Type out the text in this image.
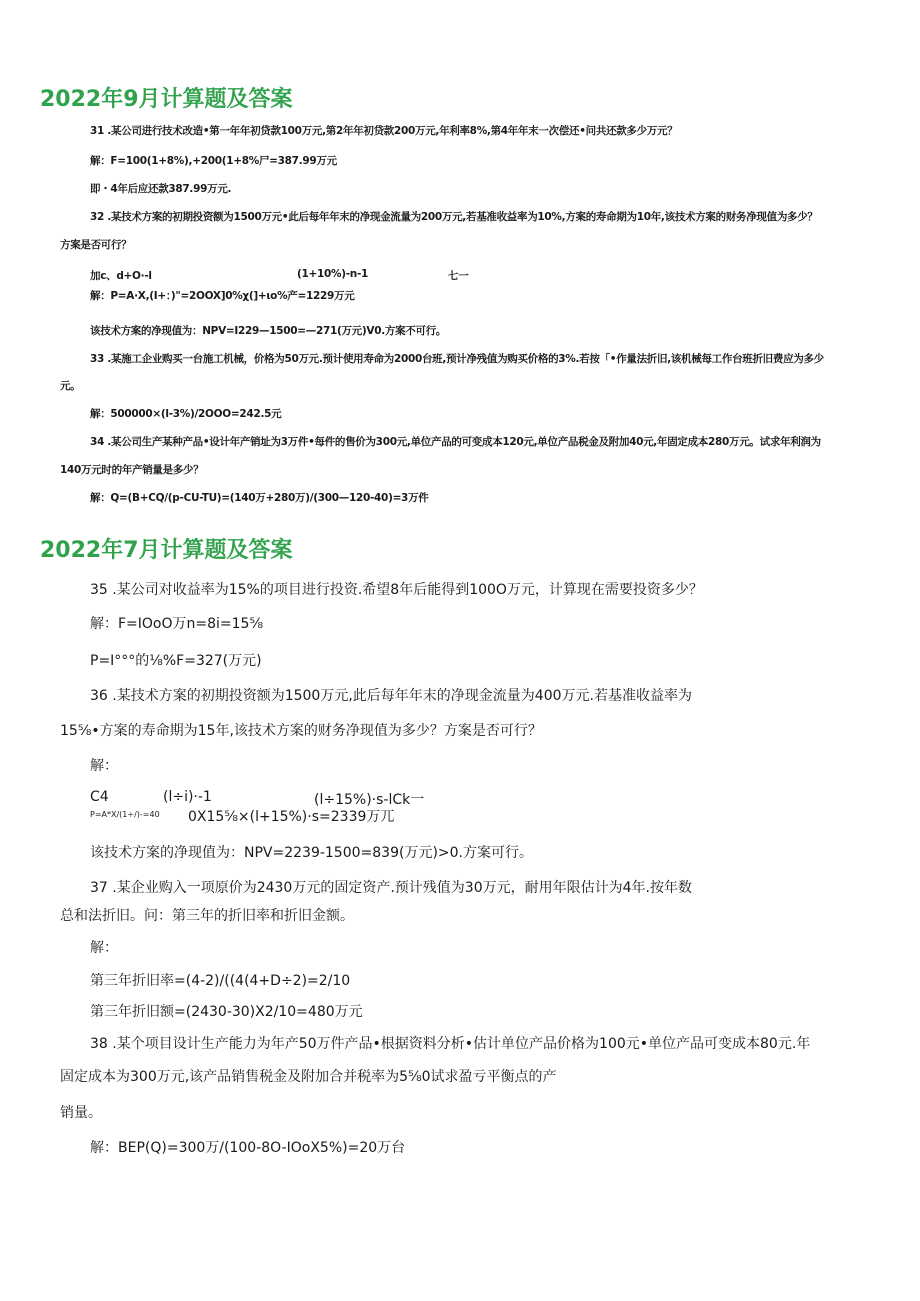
2022年9月计算题及答案
31 .某公司进行技术改造•第一年年初贷款100万元,第2年年初贷款200万元,年利率8%,第4年年末一次偿还•问共还款多少万元？
解：F=100(1+8%),+200(1+8%尸=387.99万元
即・4年后应还款387.99万元.
32 .某技术方案的初期投资额为1500万元•此后每年年末的净现金流量为200万元,若基准收益率为10%,方案的寿命期为10年,该技术方案的财务净现值为多少？
方案是否可行？
加c、d+O·-l	(1+10%)-n-1	七一
解：P=A·X,(I+：)"=2OOX]0%χ(]+ιo%产=1229万元
该技术方案的净现值为：NPV=I229—1500=—271(万元)V0.方案不可行。
33 .某施工企业购买一台施工机械，价格为50万元.预计使用寿命为2000台班,预计净残值为购买价格的3%.若按「•作量法折旧,该机械每工作台班折旧费应为多少
元。
解：500000×(l-3%)/2OOO=242.5元
34 .某公司生产某种产品•设计年产销址为3万件•每件的售价为300元,单位产品的可变成本120元,单位产品税金及附加40元,年固定成本280万元。试求年利润为
140万元时的年产销量是多少？
解：Q=(B+CQ/(p-CU-TU)=(140万+280万)/(300—120-40)=3万件
2022年7月计算题及答案
35 .某公司对收益率为15%的项目进行投资.希望8年后能得到100O万元，计算现在需要投资多少？
解：F=IOoO万n=8i=15⅝
P=I°°°的⅛%F=327(万元)
36 .某技术方案的初期投资额为1500万元,此后每年年末的净现金流量为400万元.若基准收益率为
15⅝•方案的寿命期为15年,该技术方案的财务净现值为多少？方案是否可行？
解：
C4	(l÷i)·-1	(l÷15%)·s-lCk一
P=A*X/(1÷/)-=40 0X15⅝×(l+15%)·s=2339万兀
该技术方案的净现值为：NPV=2239-1500=839(万元)>0.方案可行。
37 .某企业购入一项原价为2430万元的固定资产.预计残值为30万元，耐用年限估计为4年.按年数
总和法折旧。问：第三年的折旧率和折旧金额。
解：
第三年折旧率=(4-2)/((4(4+D÷2)=2/10
第三年折旧额=(2430-30)X2/10=480万元
38 .某个项目设计生产能力为年产50万件产品•根据资料分析•估计单位产品价格为100元•单位产品可变成本80元.年
固定成本为300万元,该产品销售税金及附加合并税率为5⅝0试求盈亏平衡点的产
销量。
解：BEP(Q)=300万/(100-8O-IOoX5%)=20万台
